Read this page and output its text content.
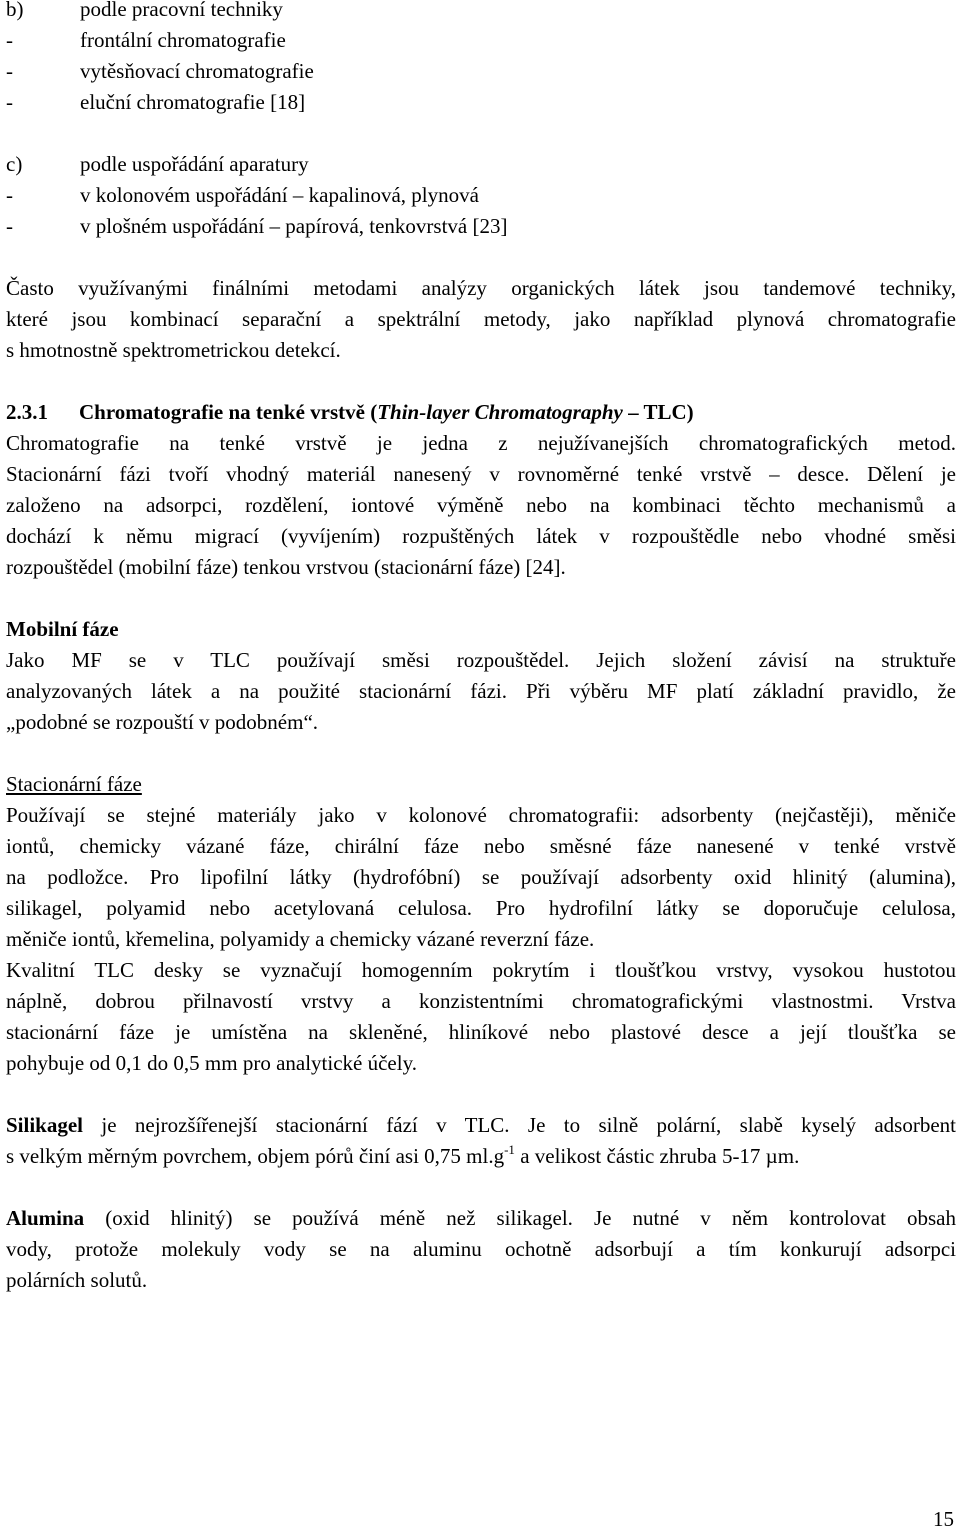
b)	podle pracovní techniky
-	frontální chromatografie
-	vytěsňovací chromatografie
-	eluční chromatografie [18]
c)	podle uspořádání aparatury
-	v kolonovém uspořádání – kapalinová, plynová
-	v plošném uspořádání – papírová, tenkovrstvá [23]
Často využívanými finálními metodami analýzy organických látek jsou tandemové techniky,
které jsou kombinací separační a spektrální metody, jako například plynová chromatografie
s hmotnostně spektrometrickou detekcí.
2.3.1 Chromatografie na tenké vrstvě (Thin-layer Chromatography – TLC)
Chromatografie na tenké vrstvě je jedna z nejužívanejších chromatografických metod.
Stacionární fázi tvoří vhodný materiál nanesený v rovnoměrné tenké vrstvě – desce. Dělení je
založeno na adsorpci, rozdělení, iontové výměně nebo na kombinaci těchto mechanismů a
dochází k němu migrací (vyvíjením) rozpuštěných látek v rozpouštědle nebo vhodné směsi
rozpouštědel (mobilní fáze) tenkou vrstvou (stacionární fáze) [24].
Mobilní fáze
Jako MF se v TLC používají směsi rozpouštědel. Jejich složení závisí na struktuře
analyzovaných látek a na použité stacionární fázi. Při výběru MF platí základní pravidlo, že
„podobné se rozpouští v podobném“.
Stacionární fáze
Používají se stejné materiály jako v kolonové chromatografii: adsorbenty (nejčastěji), měniče
iontů, chemicky vázané fáze, chirální fáze nebo směsné fáze nanesené v tenké vrstvě
na podložce. Pro lipofilní látky (hydrofóbní) se používají adsorbenty oxid hlinitý (alumina),
silikagel, polyamid nebo acetylovaná celulosa. Pro hydrofilní látky se doporučuje celulosa,
měniče iontů, křemelina, polyamidy a chemicky vázané reverzní fáze.
Kvalitní TLC desky se vyznačují homogenním pokrytím i tloušťkou vrstvy, vysokou hustotou
náplně, dobrou přilnavostí vrstvy a konzistentními chromatografickými vlastnostmi. Vrstva
stacionární fáze je umístěna na skleněné, hliníkové nebo plastové desce a její tloušťka se
pohybuje od 0,1 do 0,5 mm pro analytické účely.
Silikagel je nejrozšířenejší stacionární fází v TLC. Je to silně polární, slabě kyselý adsorbent
s velkým měrným povrchem, objem pórů činí asi 0,75 $ml.g^{-1}$ a velikost částic zhruba 5-17 µm.
Alumina (oxid hlinitý) se používá méně než silikagel. Je nutné v něm kontrolovat obsah
vody, protože molekuly vody se na aluminu ochotně adsorbují a tím konkurují adsorpci
polárních solutů.
15
